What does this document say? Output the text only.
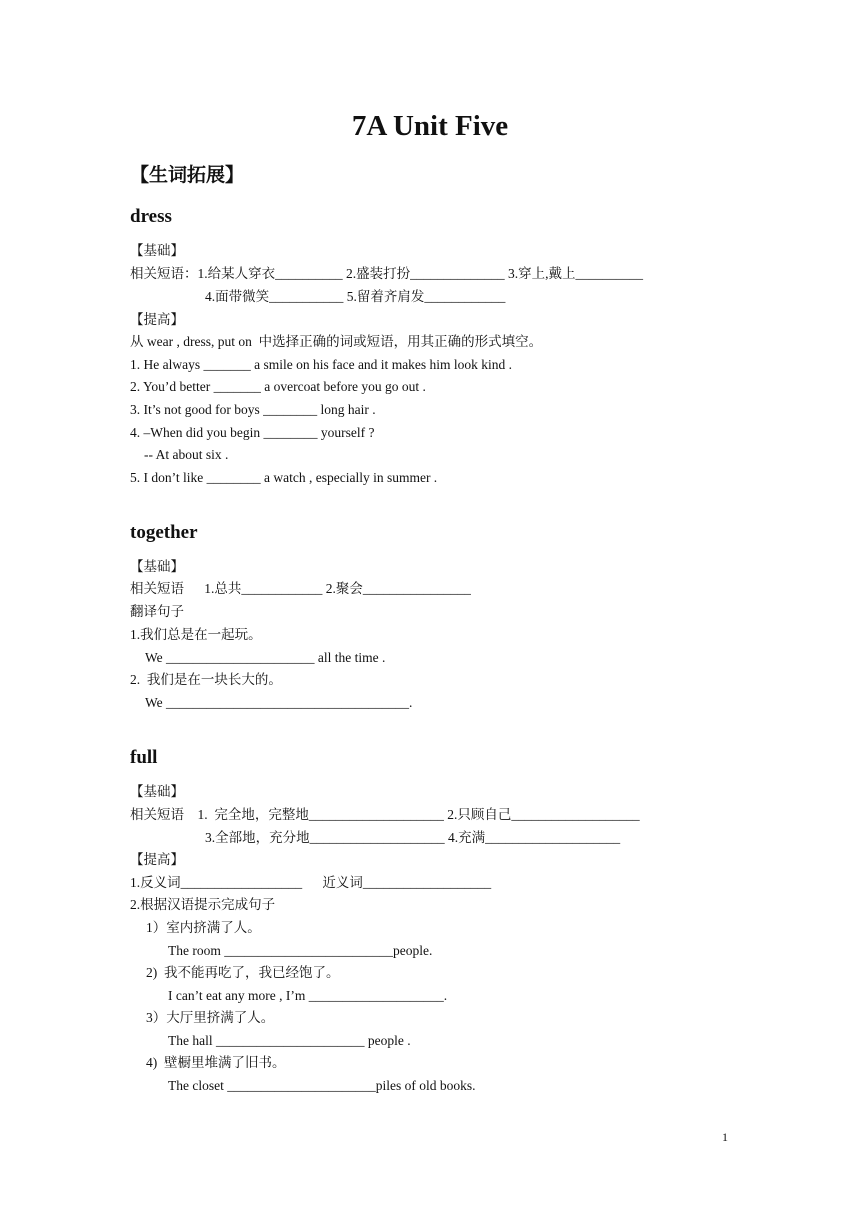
7A Unit Five
【生词拓展】
dress
【基础】
相关短语：1.给某人穿衣__________ 2.盛装打扮______________ 3.穿上,戴上__________
4.面带微笑___________ 5.留着齐肩发____________
【提高】
从 wear , dress, put on  中选择正确的词或短语，用其正确的形式填空。
1. He always _______ a smile on his face and it makes him look kind .
2. You’d better _______ a overcoat before you go out .
3. It’s not good for boys ________ long hair .
4. –When did you begin ________ yourself ?
-- At about six .
5. I don’t like ________ a watch , especially in summer .
together
【基础】
相关短语      1.总共____________ 2.聚会________________
翻译句子
1.我们总是在一起玩。
We ______________________ all the time .
2.  我们是在一块长大的。
We ____________________________________.
full
【基础】
相关短语    1.  完全地，完整地____________________ 2.只顾自己___________________
3.全部地，充分地____________________ 4.充满____________________
【提高】
1.反义词__________________      近义词___________________
2.根据汉语提示完成句子
1）室内挤满了人。
The room _________________________people.
2)  我不能再吃了，我已经饱了。
I can’t eat any more , I’m ____________________.
3）大厅里挤满了人。
The hall ______________________ people .
4)  壁橱里堆满了旧书。
The closet ______________________piles of old books.
1
